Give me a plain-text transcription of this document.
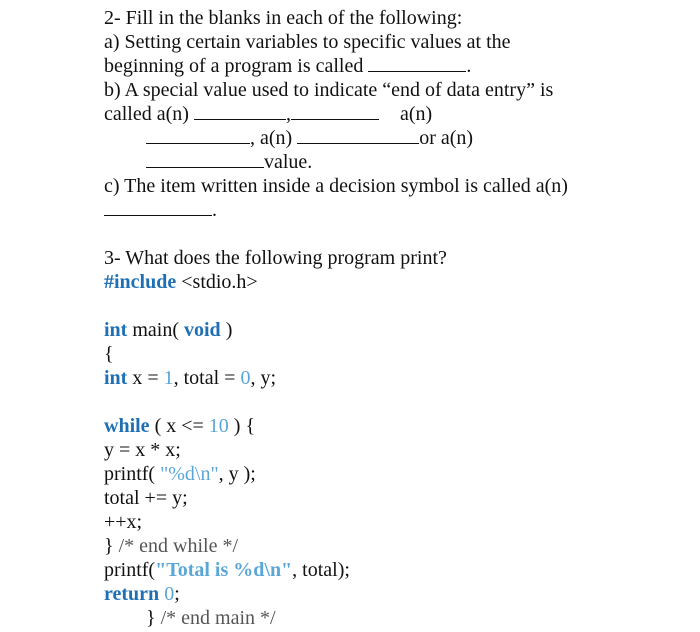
2- Fill in the blanks in each of the following:
a) Setting certain variables to specific values at the
beginning of a program is called	.
b) A special value used to indicate “end of data entry” is
called a(n)	,	a(n)
, a(n)	or a(n)
value.
c) The item written inside a decision symbol is called a(n)
.
3- What does the following program print?
#include <stdio.h>
int main( void )
{
int x = 1, total = 0, y;
while ( x <= 10 ) {
y = x * x;
printf( "%d\n", y );
total += y;
++x;
} /* end while */
printf("Total is %d\n", total);
return 0;
} /* end main */
